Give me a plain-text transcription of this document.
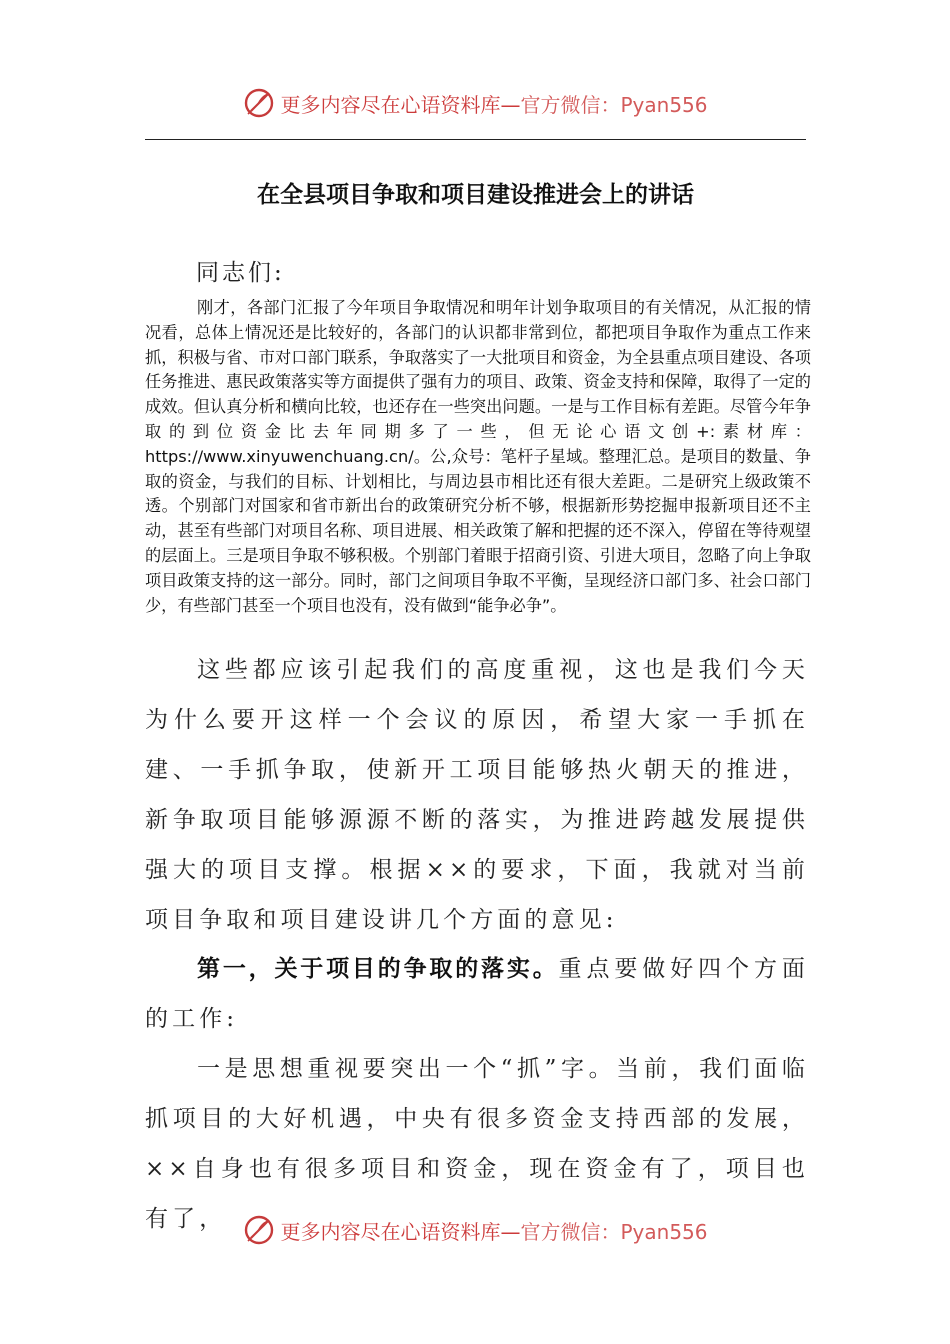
更多内容尽在心语资料库—官方微信：Pyan556
在全县项目争取和项目建设推进会上的讲话
同志们:
刚才，各部门汇报了今年项目争取情况和明年计划争取项目的有关情况，从汇报的情况看，总体上情况还是比较好的，各部门的认识都非常到位，都把项目争取作为重点工作来抓，积极与省、市对口部门联系，争取落实了一大批项目和资金，为全县重点项目建设、各项任务推进、惠民政策落实等方面提供了强有力的项目、政策、资金支持和保障，取得了一定的成效。但认真分析和横向比较，也还存在一些突出问题。一是与工作目标有差距。尽管今年争取的到位资金比去年同期多了一些，但无论心语文创+:素材库：https://www.xinyuwenchuang.cn/。公,众号：笔杆子星域。整理汇总。是项目的数量、争取的资金，与我们的目标、计划相比，与周边县市相比还有很大差距。二是研究上级政策不透。个别部门对国家和省市新出台的政策研究分析不够，根据新形势挖掘申报新项目还不主动，甚至有些部门对项目名称、项目进展、相关政策了解和把握的还不深入，停留在等待观望的层面上。三是项目争取不够积极。个别部门着眼于招商引资、引进大项目，忽略了向上争取项目政策支持的这一部分。同时，部门之间项目争取不平衡，呈现经济口部门多、社会口部门少，有些部门甚至一个项目也没有，没有做到“能争必争”。
这些都应该引起我们的高度重视，这也是我们今天为什么要开这样一个会议的原因，希望大家一手抓在建、一手抓争取，使新开工项目能够热火朝天的推进，新争取项目能够源源不断的落实，为推进跨越发展提供强大的项目支撑。根据××的要求，下面，我就对当前项目争取和项目建设讲几个方面的意见:
第一，关于项目的争取的落实。重点要做好四个方面的工作:
一是思想重视要突出一个“抓”字。当前，我们面临抓项目的大好机遇，中央有很多资金支持西部的发展，××自身也有很多项目和资金，现在资金有了，项目也有了，	更多内容尽在心语资料库—官方微信：Pyan556
